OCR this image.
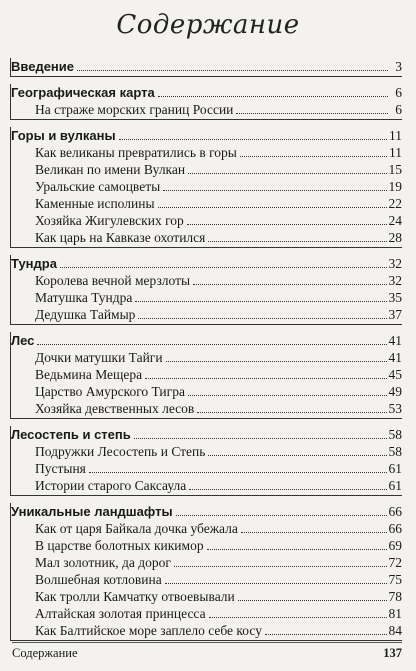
Содержание
Введение	3
Географическая карта	6
На страже морских границ России	6
Горы и вулканы	11
Как великаны превратились в горы	11
Великан по имени Вулкан	15
Уральские самоцветы	19
Каменные исполины	22
Хозяйка Жигулевских гор	24
Как царь на Кавказе охотился	28
Тундра	32
Королева вечной мерзлоты	32
Матушка Тундра	35
Дедушка Таймыр	37
Лес	41
Дочки матушки Тайги	41
Ведьмина Мещера	45
Царство Амурского Тигра	49
Хозяйка девственных лесов	53
Лесостепь и степь	58
Подружки Лесостепь и Степь	58
Пустыня	61
Истории старого Саксаула	61
Уникальные ландшафты	66
Как от царя Байкала дочка убежала	66
В царстве болотных кикимор	69
Мал золотник, да дорог	72
Волшебная котловина	75
Как тролли Камчатку отвоевывали	78
Алтайская золотая принцесса	81
Как Балтийское море заплело себе косу	84
Содержание	137
